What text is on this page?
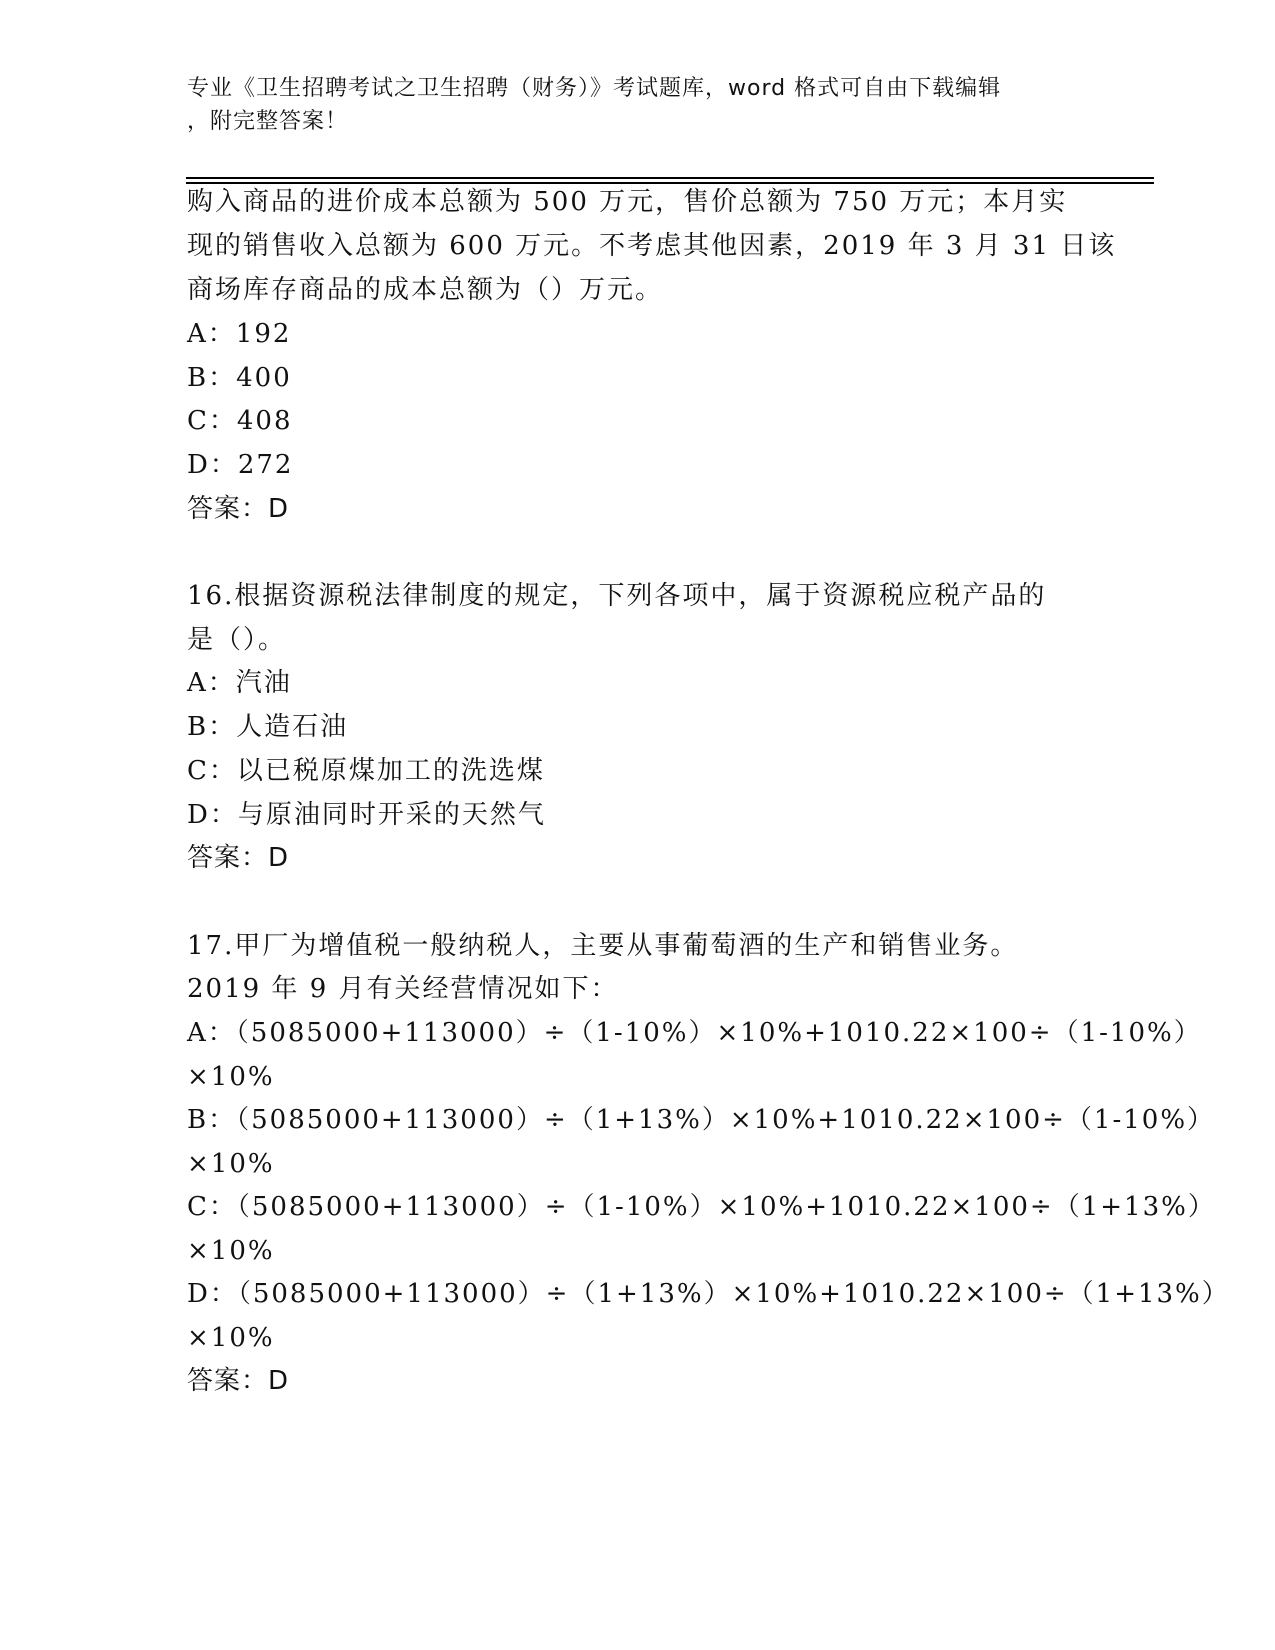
专业《卫生招聘考试之卫生招聘（财务）》考试题库，word 格式可自由下载编辑
，附完整答案！
购入商品的进价成本总额为 500 万元，售价总额为 750 万元；本月实
现的销售收入总额为 600 万元。不考虑其他因素，2019 年 3 月 31 日该
商场库存商品的成本总额为（）万元。
A：192
B：400
C：408
D：272
答案：D
16.根据资源税法律制度的规定，下列各项中，属于资源税应税产品的
是（）。
A：汽油
B：人造石油
C：以已税原煤加工的洗选煤
D：与原油同时开采的天然气
答案：D
17.甲厂为增值税一般纳税人，主要从事葡萄酒的生产和销售业务。
2019 年 9 月有关经营情况如下：
A：（5085000+113000）÷（1-10%）×10%+1010.22×100÷（1-10%）
×10%
B：（5085000+113000）÷（1+13%）×10%+1010.22×100÷（1-10%）
×10%
C：（5085000+113000）÷（1-10%）×10%+1010.22×100÷（1+13%）
×10%
D：（5085000+113000）÷（1+13%）×10%+1010.22×100÷（1+13%）
×10%
答案：D
